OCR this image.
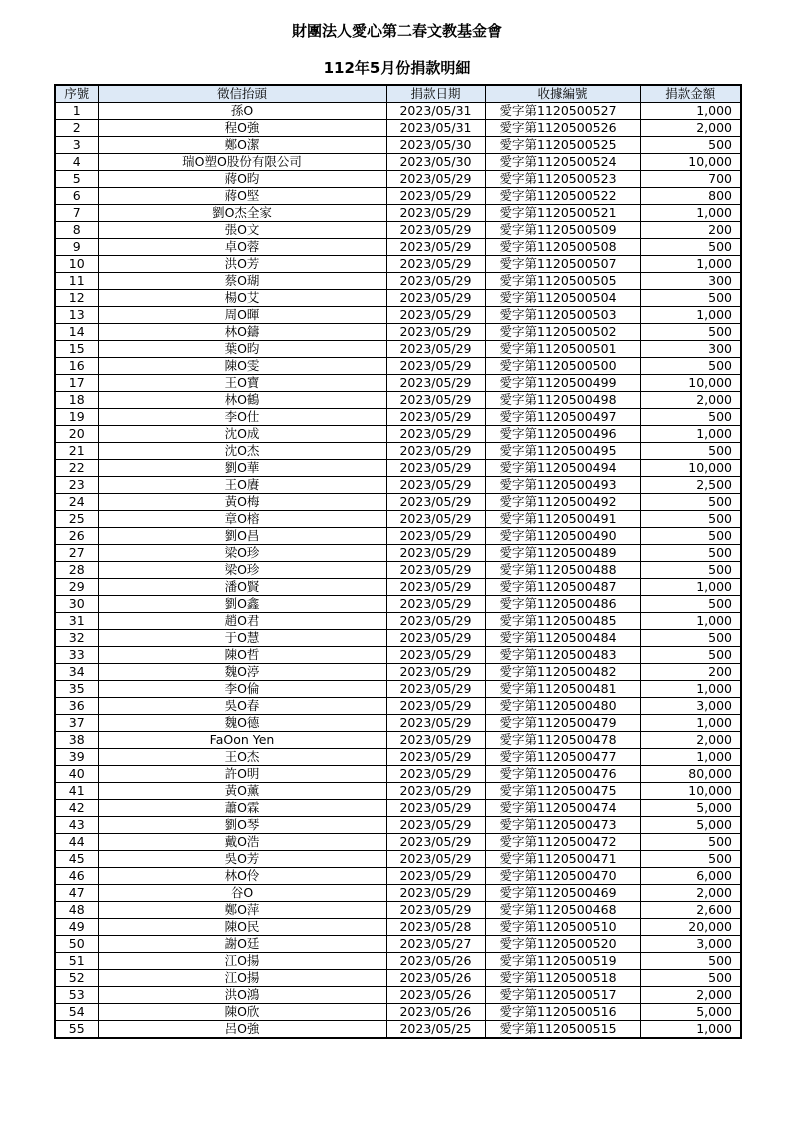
財團法人愛心第二春文教基金會
112年5月份捐款明細
序號	徵信抬頭	捐款日期	收據編號	捐款金額
1	孫O	2023/05/31	愛字第1120500527	1,000
2	程O強	2023/05/31	愛字第1120500526	2,000
3	鄭O潔	2023/05/30	愛字第1120500525	500
4	瑞O塑O股份有限公司	2023/05/30	愛字第1120500524	10,000
5	蔣O昀	2023/05/29	愛字第1120500523	700
6	蔣O堅	2023/05/29	愛字第1120500522	800
7	劉O杰全家	2023/05/29	愛字第1120500521	1,000
8	張O文	2023/05/29	愛字第1120500509	200
9	卓O蓉	2023/05/29	愛字第1120500508	500
10	洪O芳	2023/05/29	愛字第1120500507	1,000
11	蔡O瑚	2023/05/29	愛字第1120500505	300
12	楊O艾	2023/05/29	愛字第1120500504	500
13	周O暉	2023/05/29	愛字第1120500503	1,000
14	林O鑄	2023/05/29	愛字第1120500502	500
15	葉O昀	2023/05/29	愛字第1120500501	300
16	陳O雯	2023/05/29	愛字第1120500500	500
17	王O寶	2023/05/29	愛字第1120500499	10,000
18	林O鶴	2023/05/29	愛字第1120500498	2,000
19	李O仕	2023/05/29	愛字第1120500497	500
20	沈O成	2023/05/29	愛字第1120500496	1,000
21	沈O杰	2023/05/29	愛字第1120500495	500
22	劉O華	2023/05/29	愛字第1120500494	10,000
23	王O賡	2023/05/29	愛字第1120500493	2,500
24	黃O梅	2023/05/29	愛字第1120500492	500
25	章O榕	2023/05/29	愛字第1120500491	500
26	劉O昌	2023/05/29	愛字第1120500490	500
27	梁O珍	2023/05/29	愛字第1120500489	500
28	梁O珍	2023/05/29	愛字第1120500488	500
29	潘O賢	2023/05/29	愛字第1120500487	1,000
30	劉O鑫	2023/05/29	愛字第1120500486	500
31	趙O君	2023/05/29	愛字第1120500485	1,000
32	于O慧	2023/05/29	愛字第1120500484	500
33	陳O哲	2023/05/29	愛字第1120500483	500
34	魏O渟	2023/05/29	愛字第1120500482	200
35	李O倫	2023/05/29	愛字第1120500481	1,000
36	吳O春	2023/05/29	愛字第1120500480	3,000
37	魏O德	2023/05/29	愛字第1120500479	1,000
38	FaOon Yen	2023/05/29	愛字第1120500478	2,000
39	王O杰	2023/05/29	愛字第1120500477	1,000
40	許O明	2023/05/29	愛字第1120500476	80,000
41	黃O薰	2023/05/29	愛字第1120500475	10,000
42	蕭O霖	2023/05/29	愛字第1120500474	5,000
43	劉O琴	2023/05/29	愛字第1120500473	5,000
44	戴O浩	2023/05/29	愛字第1120500472	500
45	吳O芳	2023/05/29	愛字第1120500471	500
46	林O伶	2023/05/29	愛字第1120500470	6,000
47	谷O	2023/05/29	愛字第1120500469	2,000
48	鄭O萍	2023/05/29	愛字第1120500468	2,600
49	陳O民	2023/05/28	愛字第1120500510	20,000
50	謝O廷	2023/05/27	愛字第1120500520	3,000
51	江O揚	2023/05/26	愛字第1120500519	500
52	江O揚	2023/05/26	愛字第1120500518	500
53	洪O鴻	2023/05/26	愛字第1120500517	2,000
54	陳O欣	2023/05/26	愛字第1120500516	5,000
55	呂O強	2023/05/25	愛字第1120500515	1,000
